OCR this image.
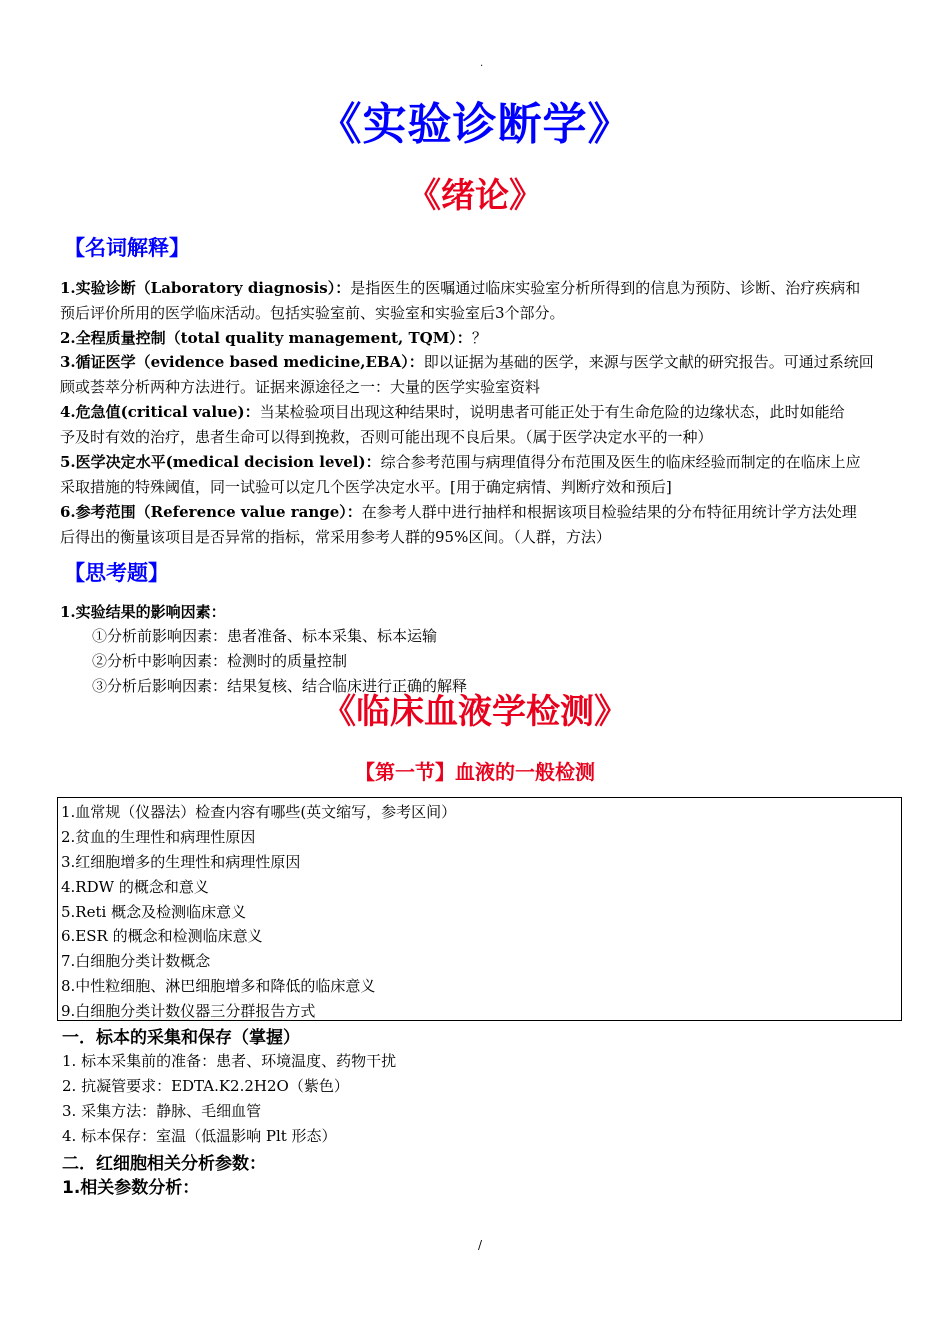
.
《实验诊断学》
《绪论》
【名词解释】
1.实验诊断（Laboratory diagnosis）：是指医生的医嘱通过临床实验室分析所得到的信息为预防、诊断、治疗疾病和
预后评价所用的医学临床活动。包括实验室前、实验室和实验室后3个部分。
2.全程质量控制（total quality management, TQM）：？
3.循证医学（evidence based medicine,EBA）：即以证据为基础的医学，来源与医学文献的研究报告。可通过系统回
顾或荟萃分析两种方法进行。证据来源途径之一：大量的医学实验室资料
4.危急值(critical value)：当某检验项目出现这种结果时，说明患者可能正处于有生命危险的边缘状态，此时如能给
予及时有效的治疗，患者生命可以得到挽救，否则可能出现不良后果。（属于医学决定水平的一种）
5.医学决定水平(medical decision level)：综合参考范围与病理值得分布范围及医生的临床经验而制定的在临床上应
采取措施的特殊阈值，同一试验可以定几个医学决定水平。[用于确定病情、判断疗效和预后]
6.参考范围（Reference value range）：在参考人群中进行抽样和根据该项目检验结果的分布特征用统计学方法处理
后得出的衡量该项目是否异常的指标，常采用参考人群的95%区间。（人群，方法）
【思考题】
1.实验结果的影响因素：
①分析前影响因素：患者准备、标本采集、标本运输
②分析中影响因素：检测时的质量控制
③分析后影响因素：结果复核、结合临床进行正确的解释
《临床血液学检测》
【第一节】血液的一般检测
1.血常规（仪器法）检查内容有哪些(英文缩写，参考区间）
2.贫血的生理性和病理性原因
3.红细胞增多的生理性和病理性原因
4.RDW 的概念和意义
5.Reti 概念及检测临床意义
6.ESR 的概念和检测临床意义
7.白细胞分类计数概念
8.中性粒细胞、淋巴细胞增多和降低的临床意义
9.白细胞分类计数仪器三分群报告方式
一．标本的采集和保存（掌握）
1. 标本采集前的准备：患者、环境温度、药物干扰
2. 抗凝管要求：EDTA.K2.2H2O（紫色）
3. 采集方法：静脉、毛细血管
4. 标本保存：室温（低温影响 Plt 形态）
二．红细胞相关分析参数：
1.相关参数分析：
/
